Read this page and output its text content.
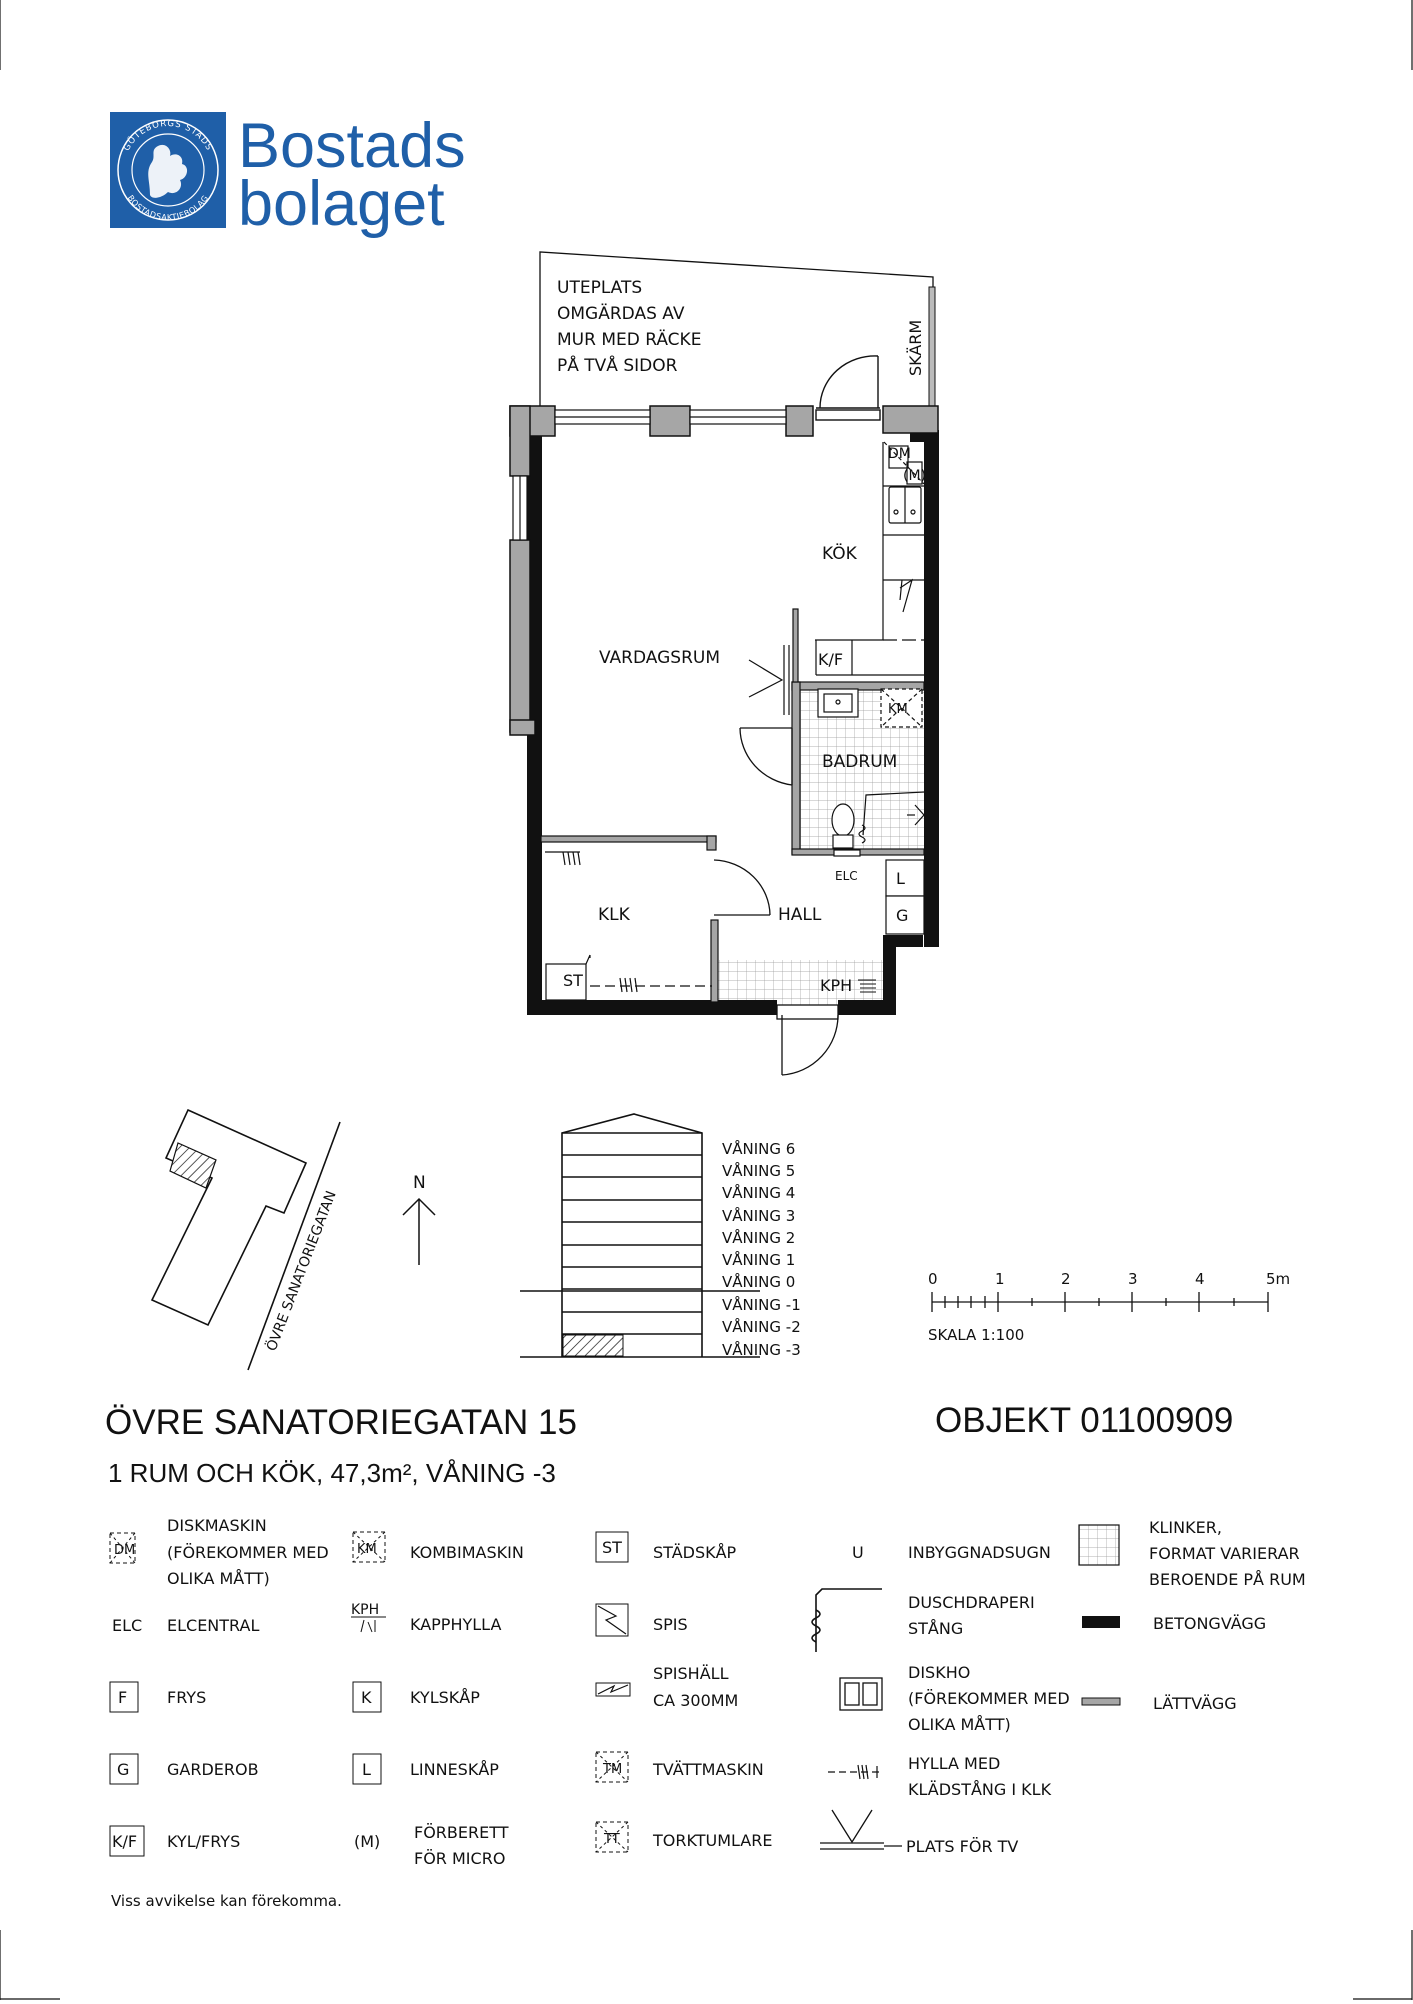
GÖTEBORGS STADS
BOSTADSAKTIEBOLAG
Bostads
bolaget
UTEPLATS
OMGÄRDAS AV
MUR MED RÄCKE
PÅ TVÅ SIDOR	SKÄRM
DM
(M)
KÖK
K/F
VARDAGSRUM
KM
BADRUM
ELC L
G
KLK	HALL
ST	KPH
ÖVRE SANATORIEGATAN
N
VÅNING 6
VÅNING 5
VÅNING 4
VÅNING 3
VÅNING 2
VÅNING 1
VÅNING 0
VÅNING -1
VÅNING -2
VÅNING -3
0	1	2	3	4	5m
SKALA 1:100
ÖVRE SANATORIEGATAN 15	OBJEKT 01100909
1 RUM OCH KÖK, 47,3m², VÅNING -3
DM
DISKMASKIN
(FÖREKOMMER MED
OLIKA MÅTT)
ELC ELCENTRAL
F FRYS
G GARDEROB
K/F KYL/FRYS
KM KOMBIMASKIN
KPH
KAPPHYLLA
K KYLSKÅP
L LINNESKÅP
(M) FÖRBERETT
FÖR MICRO
ST STÄDSKÅP
SPIS
SPISHÄLL
CA 300MM
TM TVÄTTMASKIN
TT TORKTUMLARE
U	INBYGGNADSUGN
DUSCHDRAPERI
STÅNG
DISKHO
(FÖREKOMMER MED
OLIKA MÅTT)
HYLLA MED
KLÄDSTÅNG I KLK
PLATS FÖR TV
KLINKER,
FORMAT VARIERAR
BEROENDE PÅ RUM
BETONGVÄGG
LÄTTVÄGG
Viss avvikelse kan förekomma.
